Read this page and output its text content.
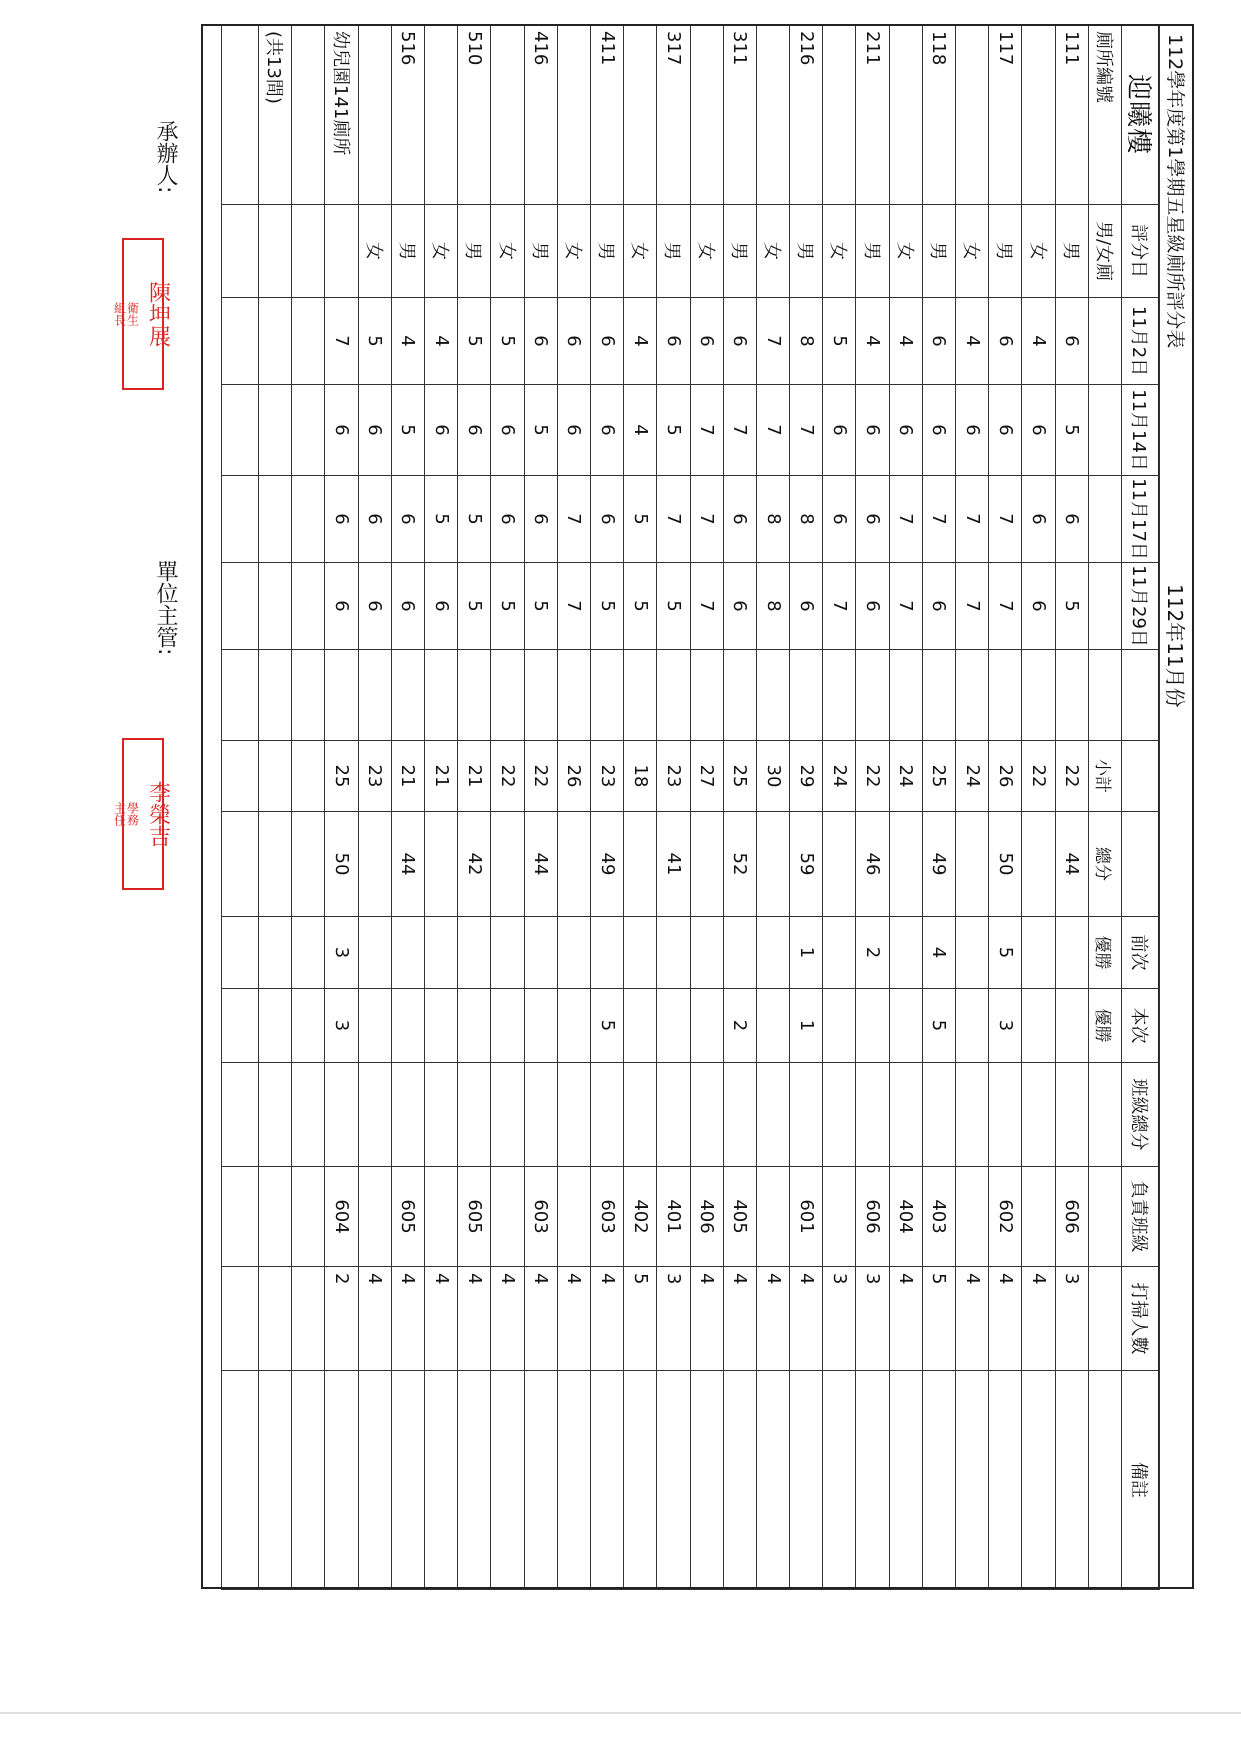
112學年度第1學期五星級廁所評分表
112年11月份
迎曦樓	評分日	11月2日	11月14日	11月17日	11月29日				前次	本次	班級總分	負責班級	打掃人數	備註
廁所編號	男/女廁						小計	總分	優勝	優勝				
111	男	6	5	6	5		22	44				606	3	
	女	4	6	6	6		22						4	
117	男	6	6	7	7		26	50	5	3		602	4	
	女	4	6	7	7		24						4	
118	男	6	6	7	6		25	49	4	5		403	5	
	女	4	6	7	7		24					404	4	
211	男	4	6	6	6		22	46	2			606	3	
	女	5	6	6	7		24						3	
216	男	8	7	8	6		29	59	1	1		601	4	
	女	7	7	8	8		30						4	
311	男	6	7	6	6		25	52		2		405	4	
	女	6	7	7	7		27					406	4	
317	男	6	5	7	5		23	41				401	3	
	女	4	4	5	5		18					402	5	
411	男	6	6	6	5		23	49		5		603	4	
	女	6	6	7	7		26						4	
416	男	6	5	6	5		22	44				603	4	
	女	5	6	6	5		22						4	
510	男	5	6	5	5		21	42				605	4	
	女	4	6	5	6		21						4	
516	男	4	5	6	6		21	44				605	4	
	女	5	6	6	6		23						4	
幼兒園141廁所		7	6	6	6		25	50	3	3		604	2	

(共13間)														

承辦人:
衛生
組長 陳坤展
單位主管:
學務
主任 李榮吉
